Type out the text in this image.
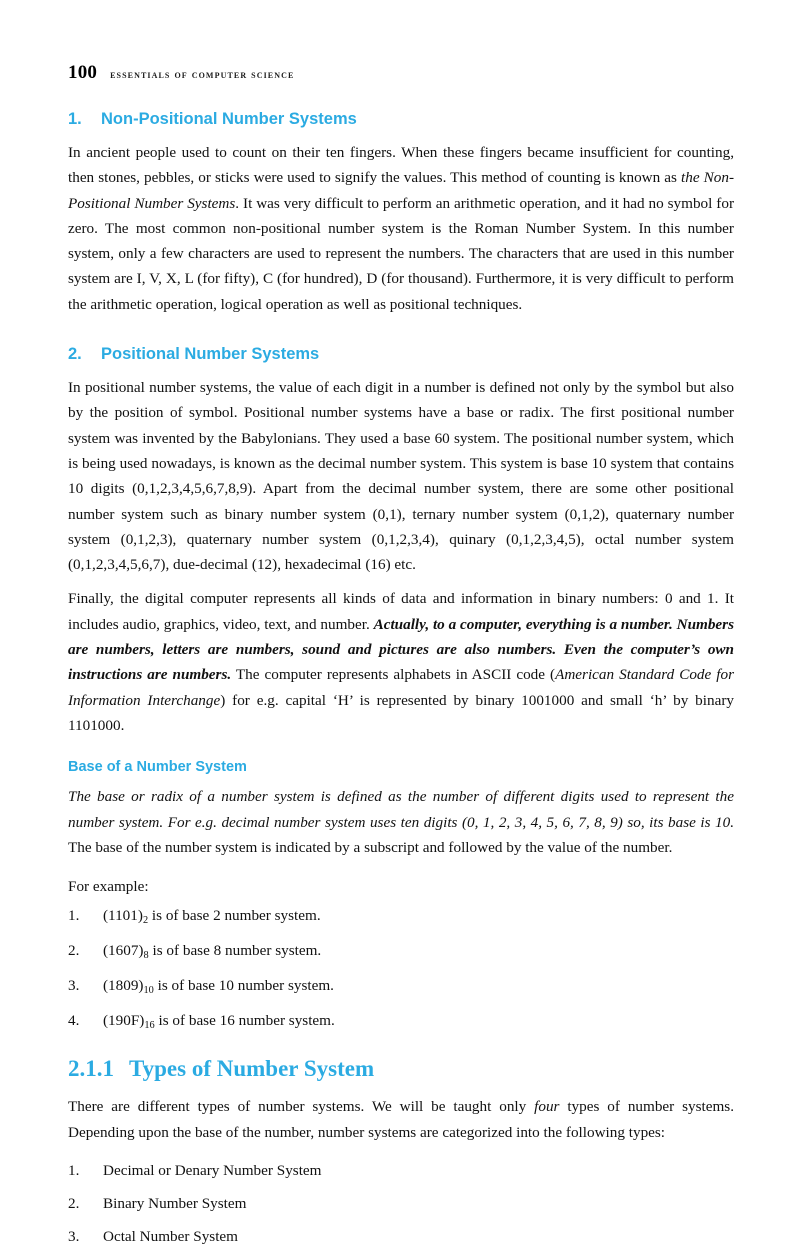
100 essentials of computer science
1.	Non-Positional Number Systems

In ancient people used to count on their ten fingers. When these fingers became insufficient for counting, then stones, pebbles, or sticks were used to signify the values. This method of counting is known as the Non-Positional Number Systems. It was very difficult to perform an arithmetic operation, and it had no symbol for zero. The most common non-positional number system is the Roman Number System. In this number system, only a few characters are used to represent the numbers. The characters that are used in this number system are I, V, X, L (for fifty), C (for hundred), D (for thousand). Furthermore, it is very difficult to perform the arithmetic operation, logical operation as well as positional techniques.

2.	Positional Number Systems

In positional number systems, the value of each digit in a number is defined not only by the symbol but also by the position of symbol. Positional number systems have a base or radix. The first positional number system was invented by the Babylonians. They used a base 60 system. The positional number system, which is being used nowadays, is known as the decimal number system. This system is base 10 system that contains 10 digits (0,1,2,3,4,5,6,7,8,9). Apart from the decimal number system, there are some other positional number system such as binary number system (0,1), ternary number system (0,1,2), quaternary number system (0,1,2,3), quaternary number system (0,1,2,3,4), quinary (0,1,2,3,4,5), octal number system (0,1,2,3,4,5,6,7), due-decimal (12), hexadecimal (16) etc.

Finally, the digital computer represents all kinds of data and information in binary numbers: 0 and 1. It includes audio, graphics, video, text, and number. Actually, to a computer, everything is a number. Numbers are numbers, letters are numbers, sound and pictures are also numbers. Even the computer’s own instructions are numbers. The computer represents alphabets in ASCII code (American Standard Code for Information Interchange) for e.g. capital ‘H’ is represented by binary 1001000 and small ‘h’ by binary 1101000.

Base of a Number System

The base or radix of a number system is defined as the number of different digits used to represent the number system. For e.g. decimal number system uses ten digits (0, 1, 2, 3, 4, 5, 6, 7, 8, 9) so, its base is 10. The base of the number system is indicated by a subscript and followed by the value of the number.

For example:

1.	$(1101)_2$ is of base 2 number system.
2.	$(1607)_8$ is of base 8 number system.
3.	$(1809)_{10}$ is of base 10 number system.
4.	$(190F)_{16}$ is of base 16 number system.
2.1.1 Types of Number System

There are different types of number systems. We will be taught only four types of number systems. Depending upon the base of the number, number systems are categorized into the following types:

1.	Decimal or Denary Number System
2.	Binary Number System
3.	Octal Number System
